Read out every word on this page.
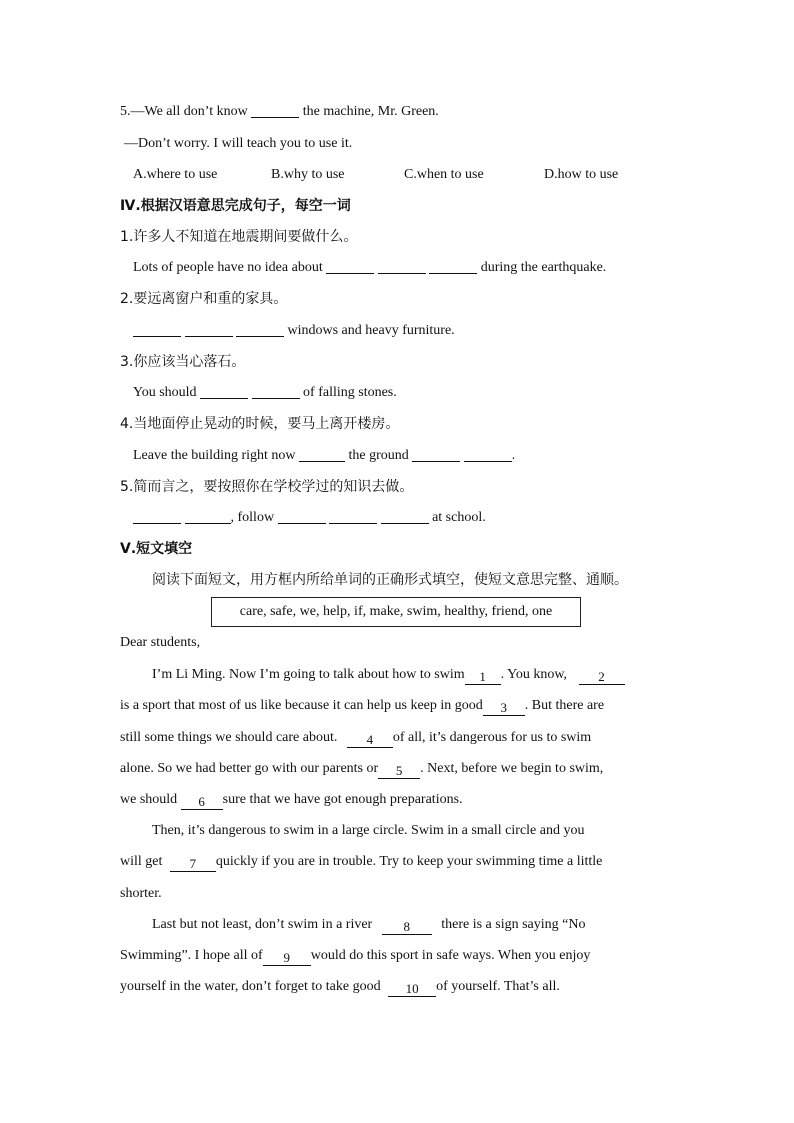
5.—We all don’t know	the machine, Mr. Green.
—Don’t worry. I will teach you to use it.
A.where to use	B.why to use	C.when to use	D.how to use
Ⅳ.根据汉语意思完成句子，每空一词
1.许多人不知道在地震期间要做什么。
Lots of people have no idea about	during the earthquake.
2.要远离窗户和重的家具。
windows and heavy furniture.
3.你应该当心落石。
You should	of falling stones.
4.当地面停止晃动的时候，要马上离开楼房。
Leave the building right now	the ground	.
5.简而言之，要按照你在学校学过的知识去做。
, follow	at school.
Ⅴ.短文填空
阅读下面短文，用方框内所给单词的正确形式填空，使短文意思完整、通顺。
care, safe, we, help, if, make, swim, healthy, friend, one
Dear students,
I’m Li Ming. Now I’m going to talk about how to swim 1 . You know, 2
is a sport that most of us like because it can help us keep in good 3 . But there are
still some things we should care about. 4 of all, it’s dangerous for us to swim
alone. So we had better go with our parents or 5 . Next, before we begin to swim,
we should 6 sure that we have got enough preparations.
Then, it’s dangerous to swim in a large circle. Swim in a small circle and you
will get 7 quickly if you are in trouble. Try to keep your swimming time a little
shorter.
Last but not least, don’t swim in a river 8 there is a sign saying “No
Swimming”. I hope all of 9 would do this sport in safe ways. When you enjoy
yourself in the water, don’t forget to take good 10 of yourself. That’s all.
